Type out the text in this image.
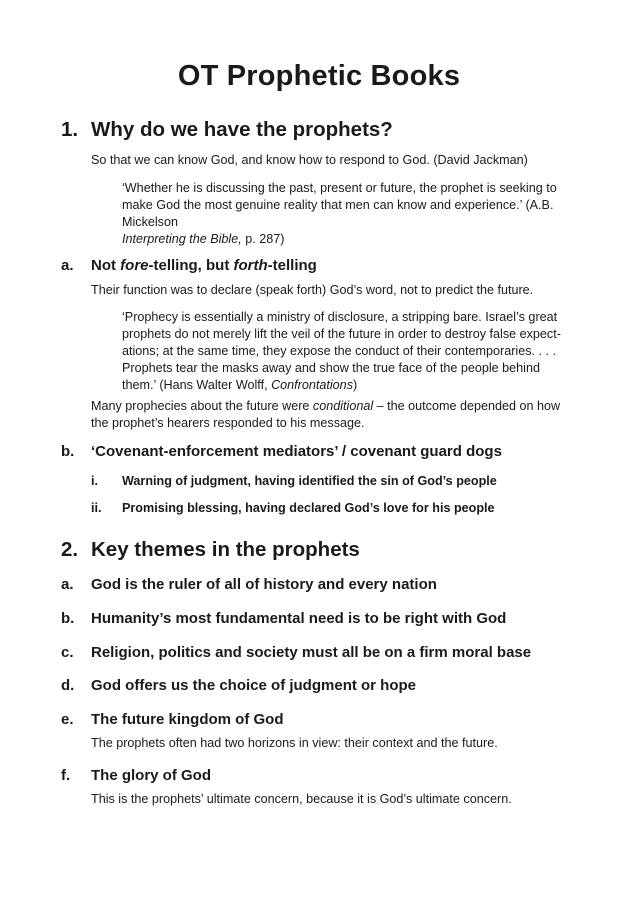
OT Prophetic Books
1. Why do we have the prophets?
So that we can know God, and know how to respond to God. (David Jackman)
‘Whether he is discussing the past, present or future, the prophet is seeking to
make God the most genuine reality that men can know and experience.’ (A.B.
Mickelson
Interpreting the Bible, p. 287)
a. Not fore-telling, but forth-telling
Their function was to declare (speak forth) God’s word, not to predict the future.
‘Prophecy is essentially a ministry of disclosure, a stripping bare. Israel’s great
prophets do not merely lift the veil of the future in order to destroy false expect-
ations; at the same time, they expose the conduct of their contemporaries. . . .
Prophets tear the masks away and show the true face of the people behind
them.’ (Hans Walter Wolff, Confrontations)
Many prophecies about the future were conditional – the outcome depended on how
the prophet’s hearers responded to his message.
b. ‘Covenant-enforcement mediators’ / covenant guard dogs
i. Warning of judgment, having identified the sin of God’s people
ii. Promising blessing, having declared God’s love for his people
2. Key themes in the prophets
a. God is the ruler of all of history and every nation
b. Humanity’s most fundamental need is to be right with God
c. Religion, politics and society must all be on a firm moral base
d. God offers us the choice of judgment or hope
e. The future kingdom of God
The prophets often had two horizons in view: their context and the future.
f. The glory of God
This is the prophets’ ultimate concern, because it is God’s ultimate concern.
